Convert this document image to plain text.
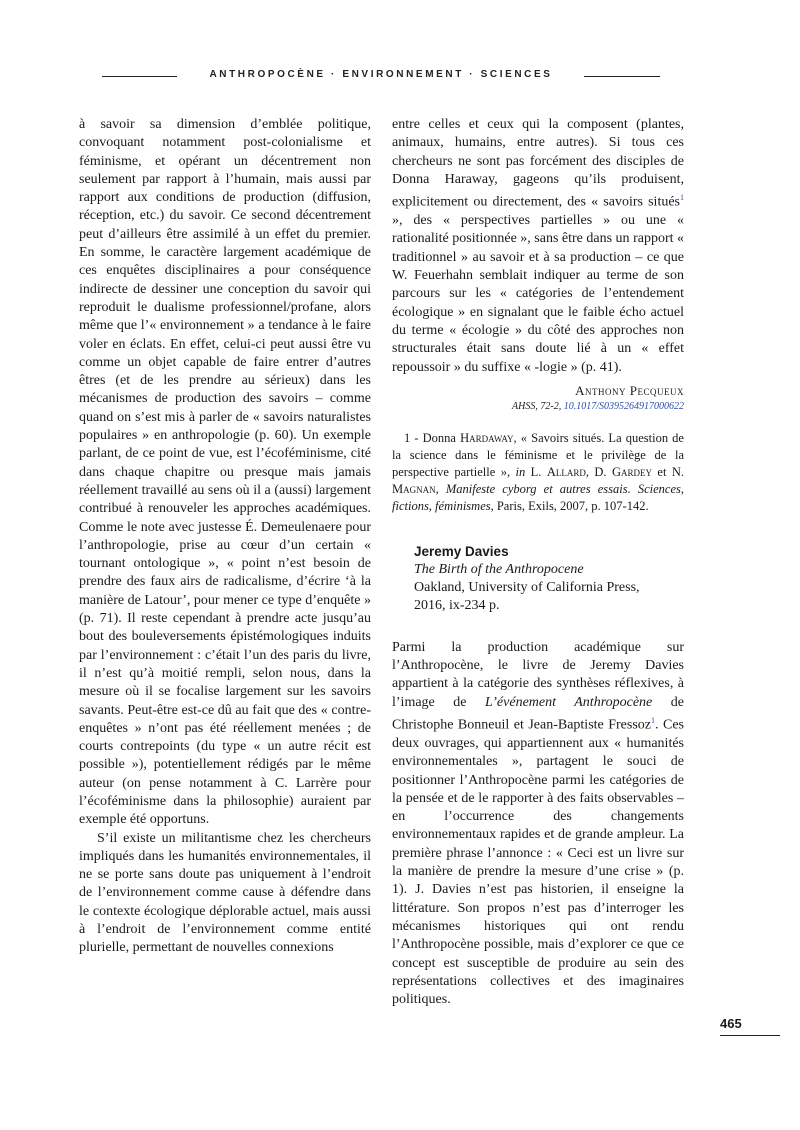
ANTHROPOCÈNE · ENVIRONNEMENT · SCIENCES

à savoir sa dimension d’emblée politique, convoquant notamment post-colonialisme et féminisme, et opérant un décentrement non seulement par rapport à l’humain, mais aussi par rapport aux conditions de production (diffusion, réception, etc.) du savoir. Ce second décentrement peut d’ailleurs être assimilé à un effet du premier. En somme, le caractère largement académique de ces enquêtes disciplinaires a pour conséquence indirecte de dessiner une conception du savoir qui reproduit le dualisme professionnel/profane, alors même que l’« environnement » a tendance à le faire voler en éclats. En effet, celui-ci peut aussi être vu comme un objet capable de faire entrer d’autres êtres (et de les prendre au sérieux) dans les mécanismes de production des savoirs – comme quand on s’est mis à parler de « savoirs naturalistes populaires » en anthropologie (p. 60). Un exemple parlant, de ce point de vue, est l’écoféminisme, cité dans chaque chapitre ou presque mais jamais réellement travaillé au sens où il a (aussi) largement contribué à renouveler les approches académiques. Comme le note avec justesse É. Demeulenaere pour l’anthropologie, prise au cœur d’un certain « tournant ontologique », « point n’est besoin de prendre des faux airs de radicalisme, d’écrire ‘à la manière de Latour’, pour mener ce type d’enquête » (p. 71). Il reste cependant à prendre acte jusqu’au bout des bouleversements épistémologiques induits par l’environnement : c’était l’un des paris du livre, il n’est qu’à moitié rempli, selon nous, dans la mesure où il se focalise largement sur les savoirs savants. Peut-être est-ce dû au fait que des « contre-enquêtes » n’ont pas été réellement menées ; de courts contrepoints (du type « un autre récit est possible »), potentiellement rédigés par le même auteur (on pense notamment à C. Larrère pour l’écoféminisme dans la philosophie) auraient par exemple été opportuns.

S’il existe un militantisme chez les chercheurs impliqués dans les humanités environnementales, il ne se porte sans doute pas uniquement à l’endroit de l’environnement comme cause à défendre dans le contexte écologique déplorable actuel, mais aussi à l’endroit de l’environnement comme entité plurielle, permettant de nouvelles connexions

entre celles et ceux qui la composent (plantes, animaux, humains, entre autres). Si tous ces chercheurs ne sont pas forcément des disciples de Donna Haraway, gageons qu’ils produisent, explicitement ou directement, des « savoirs situés$^1$ », des « perspectives partielles » ou une « rationalité positionnée », sans être dans un rapport « traditionnel » au savoir et à sa production – ce que W. Feuerhahn semblait indiquer au terme de son parcours sur les « catégories de l’entendement écologique » en signalant que le faible écho actuel du terme « écologie » du côté des approches non structurales était sans doute lié à un « effet repoussoir » du suffixe « -logie » (p. 41).

Anthony Pecqueux
AHSS, 72-2, 10.1017/S0395264917000622

1 - Donna Hardaway, « Savoirs situés. La question de la science dans le féminisme et le privilège de la perspective partielle », in L. Allard, D. Gardey et N. Magnan, Manifeste cyborg et autres essais. Sciences, fictions, féminismes, Paris, Exils, 2007, p. 107-142.

Jeremy Davies
The Birth of the Anthropocene
Oakland, University of California Press,
2016, ix-234 p.

Parmi la production académique sur l’Anthropocène, le livre de Jeremy Davies appartient à la catégorie des synthèses réflexives, à l’image de L’événement Anthropocène de Christophe Bonneuil et Jean-Baptiste Fressoz$^1$. Ces deux ouvrages, qui appartiennent aux « humanités environnementales », partagent le souci de positionner l’Anthropocène parmi les catégories de la pensée et de le rapporter à des faits observables – en l’occurrence des changements environnementaux rapides et de grande ampleur. La première phrase l’annonce : « Ceci est un livre sur la manière de prendre la mesure d’une crise » (p. 1). J. Davies n’est pas historien, il enseigne la littérature. Son propos n’est pas d’interroger les mécanismes historiques qui ont rendu l’Anthropocène possible, mais d’explorer ce que ce concept est susceptible de produire au sein des représentations collectives et des imaginaires politiques.

465
